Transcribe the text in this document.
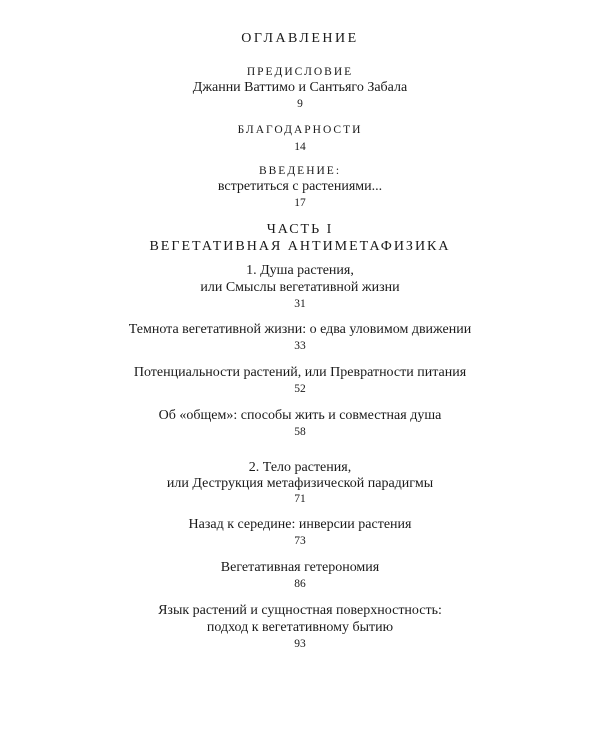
ОГЛАВЛЕНИЕ
ПРЕДИСЛОВИЕ
Джанни Ваттимо и Сантьяго Забала
9
БЛАГОДАРНОСТИ
14
ВВЕДЕНИЕ:
встретиться с растениями...
17
ЧАСТЬ I
ВЕГЕТАТИВНАЯ АНТИМЕТАФИЗИКА
1. Душа растения,
или Смыслы вегетативной жизни
31
Темнота вегетативной жизни: о едва уловимом движении
33
Потенциальности растений, или Превратности питания
52
Об «общем»: способы жить и совместная душа
58
2. Тело растения,
или Деструкция метафизической парадигмы
71
Назад к середине: инверсии растения
73
Вегетативная гетерономия
86
Язык растений и сущностная поверхностность:
подход к вегетативному бытию
93
